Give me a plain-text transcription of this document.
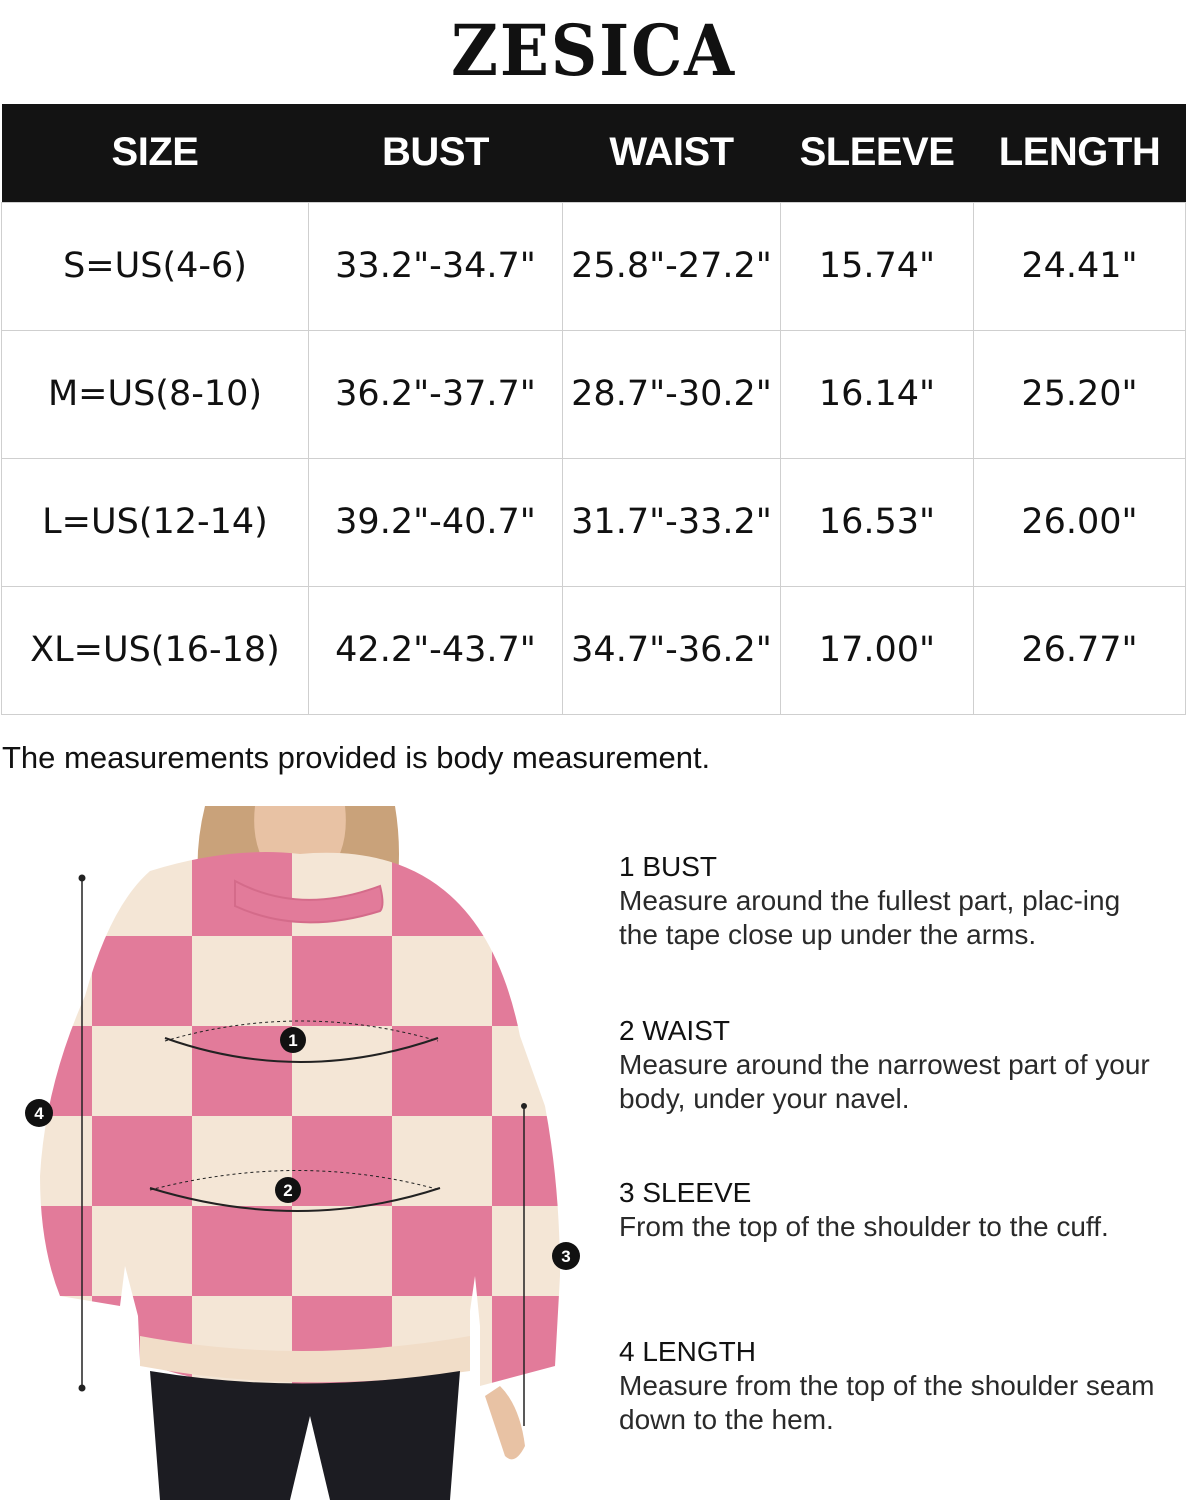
ZESICA
SIZE	BUST	WAIST	SLEEVE	LENGTH
S=US(4-6)	33.2"-34.7"	25.8"-27.2"	15.74"	24.41"
M=US(8-10)	36.2"-37.7"	28.7"-30.2"	16.14"	25.20"
L=US(12-14)	39.2"-40.7"	31.7"-33.2"	16.53"	26.00"
XL=US(16-18)	42.2"-43.7"	34.7"-36.2"	17.00"	26.77"
The measurements provided is body measurement.
1
2
3
4
1 BUST

Measure around the fullest part, plac-ing the tape close up under the arms.

2 WAIST

Measure around the narrowest part of your body, under your navel.

3 SLEEVE

From the top of the shoulder to the cuff.

4 LENGTH

Measure from the top of the shoulder seam down to the hem.
